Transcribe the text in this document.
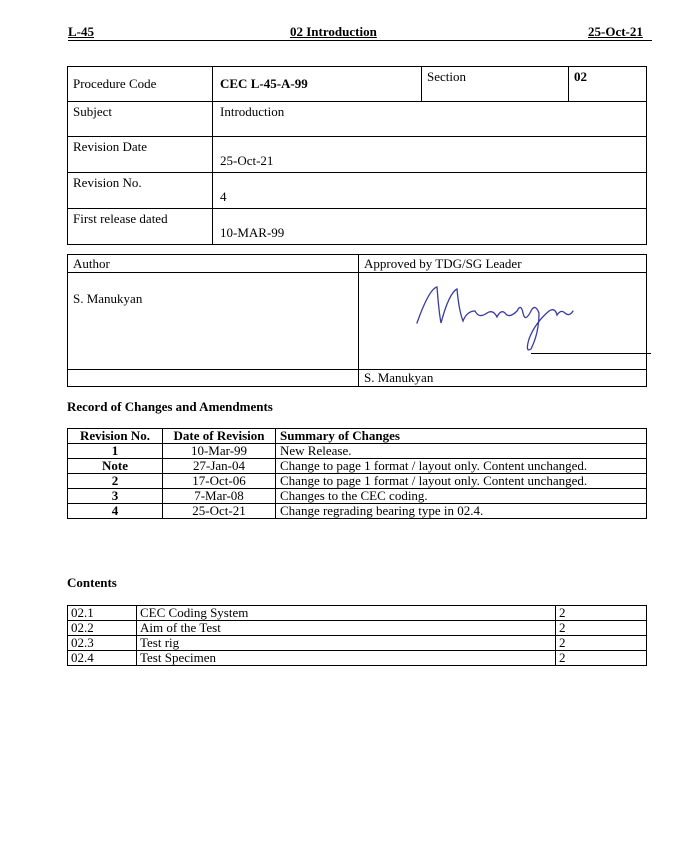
L-45	02 Introduction	25-Oct-21
Procedure Code	CEC L-45-A-99	Section	02
Subject	Introduction		
Revision Date	25-Oct-21		
Revision No.	4		
First release dated	10-MAR-99		
Author	Approved by TDG/SG Leader
S. Manukyan	

	S. Manukyan
Record of Changes and Amendments
Revision No.	Date of Revision	Summary of Changes
1	10-Mar-99	New Release.
Note	27-Jan-04	Change to page 1 format / layout only. Content unchanged.
2	17-Oct-06	Change to page 1 format / layout only. Content unchanged.
3	7-Mar-08	Changes to the CEC coding.
4	25-Oct-21	Change regrading bearing type in 02.4.
Contents
02.1	CEC Coding System	2
02.2	Aim of the Test	2
02.3	Test rig	2
02.4	Test Specimen	2
